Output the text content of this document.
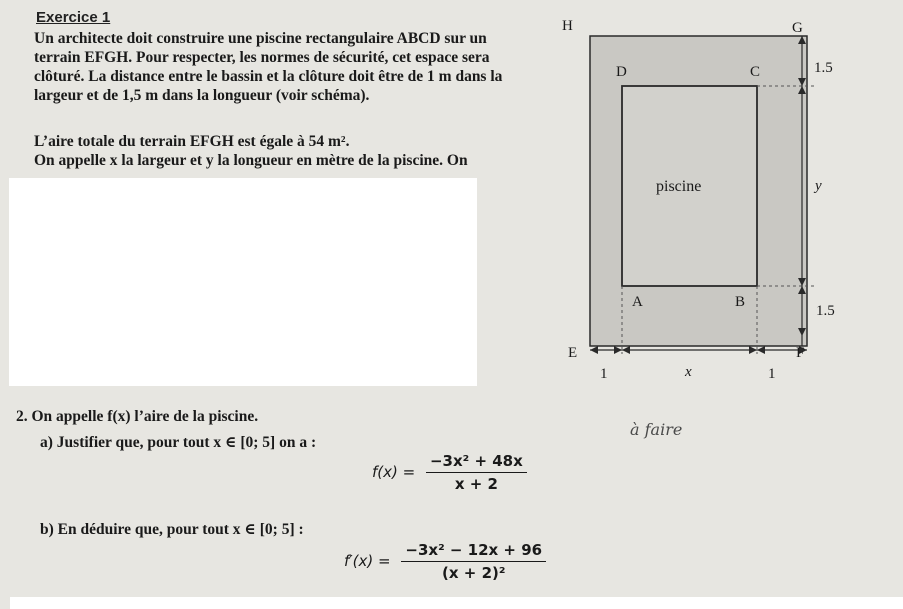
Exercice 1
Un architecte doit construire une piscine rectangulaire ABCD sur un
terrain EFGH. Pour respecter, les normes de sécurité, cet espace sera
clôturé. La distance entre le bassin et la clôture doit être de 1 m dans la
largeur et de 1,5 m dans la longueur (voir schéma).
L’aire totale du terrain EFGH est égale à 54 m².
On appelle x la largeur et y la longueur en mètre de la piscine. On
H	G
D	C
A	B
E	F
piscine	y
x
1.5
1.5
1	1
2. On appelle f(x) l’aire de la piscine.
a) Justifier que, pour tout x ∈ [0; 5] on a :
à faire
$f(x) = \frac{\text{−3x² + 48x}}{x + 2}$
b) En déduire que, pour tout x ∈ [0; 5] :
$f'(x) = \frac{\text{−3x² − 12x + 96}}{\text{(x + 2)²}}$
